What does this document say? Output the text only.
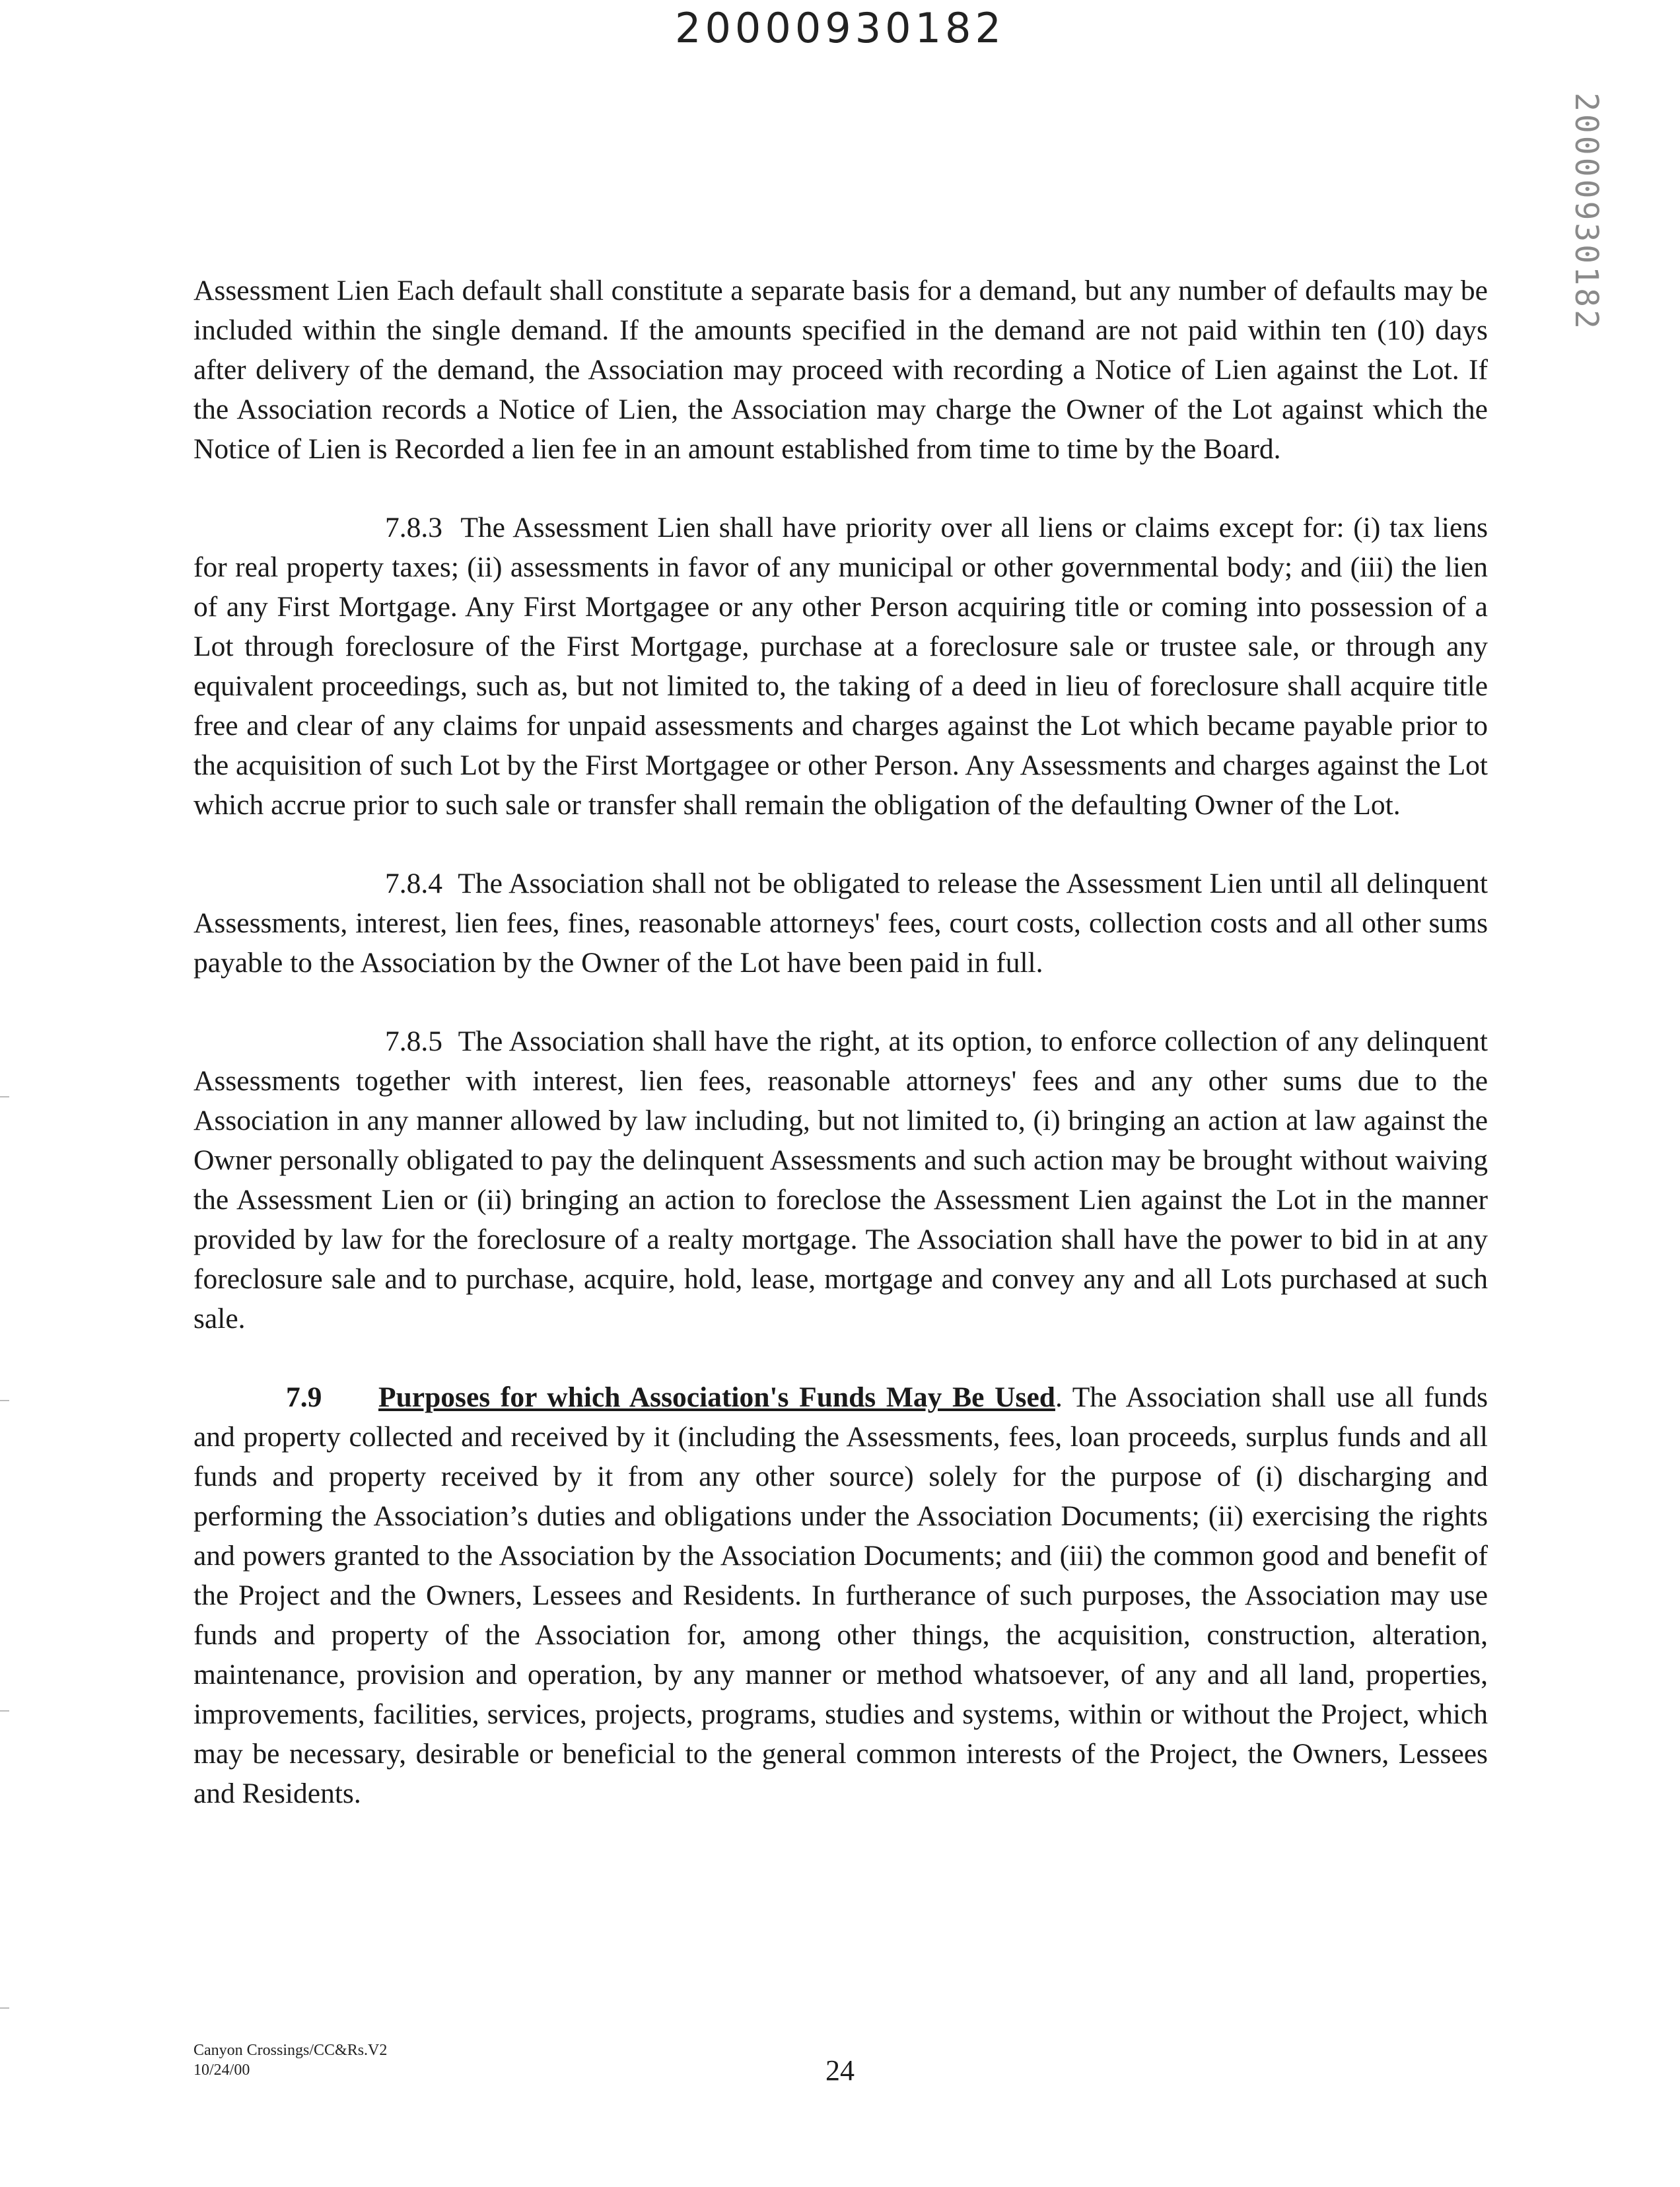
20000930182
20000930182

Assessment Lien Each default shall constitute a separate basis for a demand, but any number of defaults may be included within the single demand. If the amounts specified in the demand are not paid within ten (10) days after delivery of the demand, the Association may proceed with recording a Notice of Lien against the Lot. If the Association records a Notice of Lien, the Association may charge the Owner of the Lot against which the Notice of Lien is Recorded a lien fee in an amount established from time to time by the Board.

7.8.3 The Assessment Lien shall have priority over all liens or claims except for: (i) tax liens for real property taxes; (ii) assessments in favor of any municipal or other governmental body; and (iii) the lien of any First Mortgage. Any First Mortgagee or any other Person acquiring title or coming into possession of a Lot through foreclosure of the First Mortgage, purchase at a foreclosure sale or trustee sale, or through any equivalent proceedings, such as, but not limited to, the taking of a deed in lieu of foreclosure shall acquire title free and clear of any claims for unpaid assessments and charges against the Lot which became payable prior to the acquisition of such Lot by the First Mortgagee or other Person. Any Assessments and charges against the Lot which accrue prior to such sale or transfer shall remain the obligation of the defaulting Owner of the Lot.

7.8.4 The Association shall not be obligated to release the Assessment Lien until all delinquent Assessments, interest, lien fees, fines, reasonable attorneys' fees, court costs, collection costs and all other sums payable to the Association by the Owner of the Lot have been paid in full.

7.8.5 The Association shall have the right, at its option, to enforce collection of any delinquent Assessments together with interest, lien fees, reasonable attorneys' fees and any other sums due to the Association in any manner allowed by law including, but not limited to, (i) bringing an action at law against the Owner personally obligated to pay the delinquent Assessments and such action may be brought without waiving the Assessment Lien or (ii) bringing an action to foreclose the Assessment Lien against the Lot in the manner provided by law for the foreclosure of a realty mortgage. The Association shall have the power to bid in at any foreclosure sale and to purchase, acquire, hold, lease, mortgage and convey any and all Lots purchased at such sale.

7.9 Purposes for which Association's Funds May Be Used. The Association shall use all funds and property collected and received by it (including the Assessments, fees, loan proceeds, surplus funds and all funds and property received by it from any other source) solely for the purpose of (i) discharging and performing the Association’s duties and obligations under the Association Documents; (ii) exercising the rights and powers granted to the Association by the Association Documents; and (iii) the common good and benefit of the Project and the Owners, Lessees and Residents. In furtherance of such purposes, the Association may use funds and property of the Association for, among other things, the acquisition, construction, alteration, maintenance, provision and operation, by any manner or method whatsoever, of any and all land, properties, improvements, facilities, services, projects, programs, studies and systems, within or without the Project, which may be necessary, desirable or beneficial to the general common interests of the Project, the Owners, Lessees and Residents.

Canyon Crossings/CC&Rs.V2
10/24/00	24
